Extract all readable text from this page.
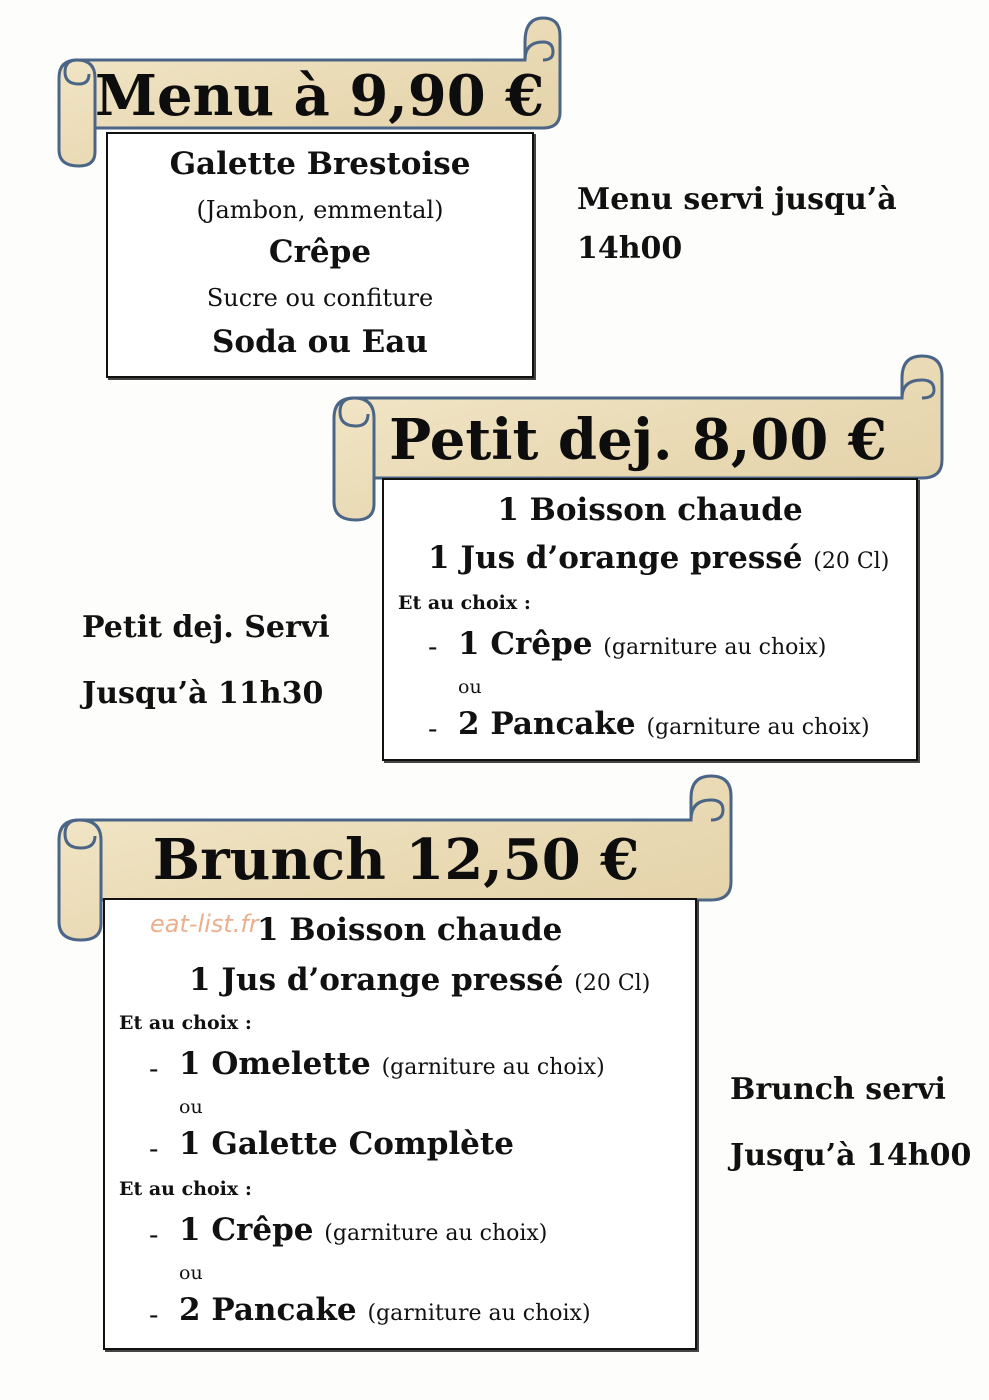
Menu à 9,90 €
Galette Brestoise
(Jambon, emmental)
Crêpe
Sucre ou confiture
Soda ou Eau
Menu servi jusqu’à
14h00
Petit dej. 8,00 €
1 Boisson chaude
1 Jus d’orange pressé (20 Cl)
Et au choix :
- 1 Crêpe (garniture au choix)
ou
- 2 Pancake (garniture au choix)
Petit dej. Servi
Jusqu’à 11h30
Brunch 12,50 €
1 Boisson chaude
1 Jus d’orange pressé (20 Cl)
Et au choix :
- 1 Omelette (garniture au choix)
ou
- 1 Galette Complète
Et au choix :
- 1 Crêpe (garniture au choix)
ou
- 2 Pancake (garniture au choix)
eat-list.fr
Brunch servi
Jusqu’à 14h00
